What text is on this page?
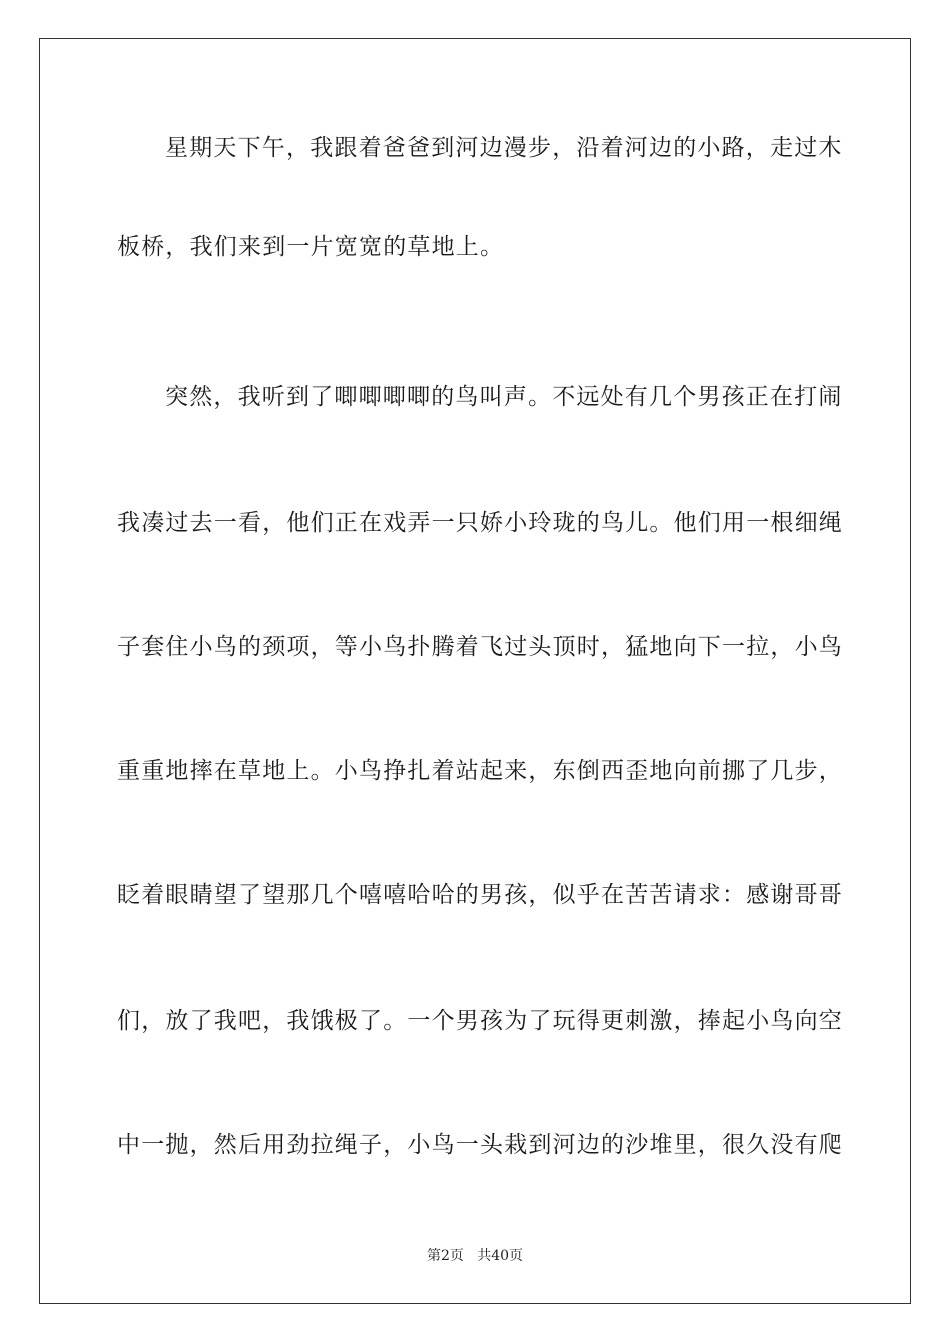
星期天下午，我跟着爸爸到河边漫步，沿着河边的小路，走过木
板桥，我们来到一片宽宽的草地上。
突然，我听到了唧唧唧唧的鸟叫声。不远处有几个男孩正在打闹
我凑过去一看，他们正在戏弄一只娇小玲珑的鸟儿。他们用一根细绳
子套住小鸟的颈项，等小鸟扑腾着飞过头顶时，猛地向下一拉，小鸟
重重地摔在草地上。小鸟挣扎着站起来，东倒西歪地向前挪了几步，
眨着眼睛望了望那几个嘻嘻哈哈的男孩，似乎在苦苦请求：感谢哥哥
们，放了我吧，我饿极了。一个男孩为了玩得更刺激，捧起小鸟向空
中一抛，然后用劲拉绳子，小鸟一头栽到河边的沙堆里，很久没有爬
第2页   共40页
